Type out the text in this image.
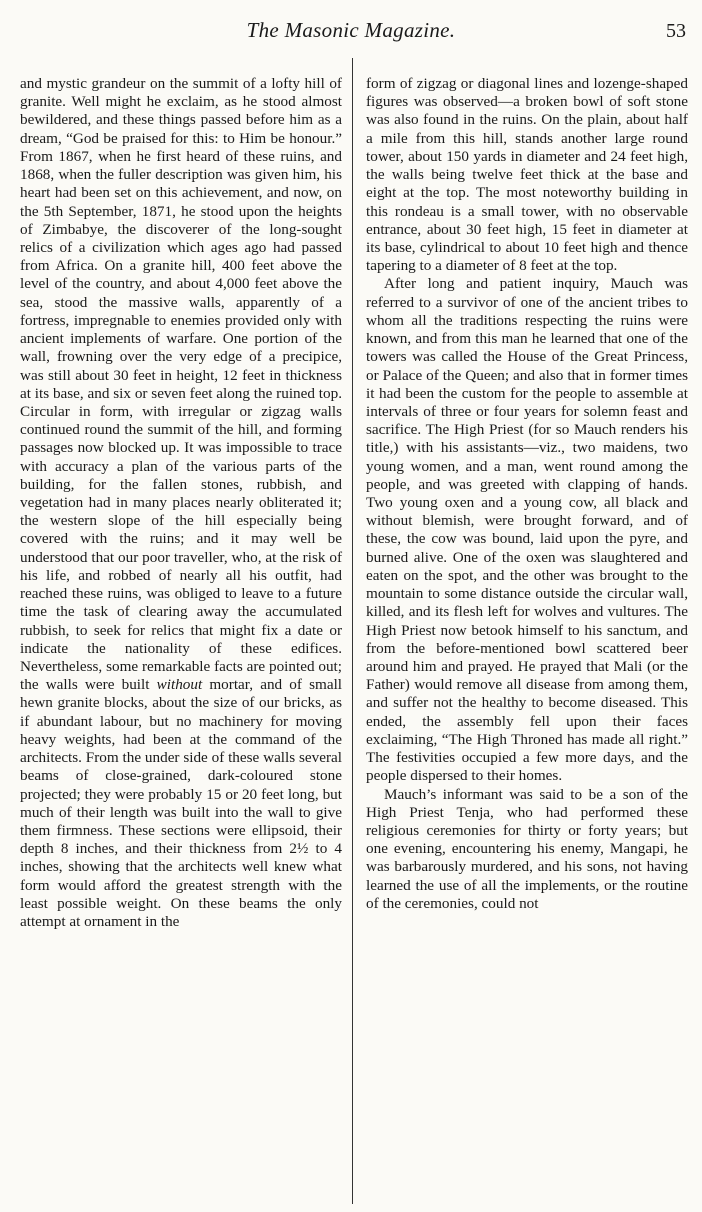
The Masonic Magazine.	53

and mystic grandeur on the summit of a lofty hill of granite. Well might he exclaim, as he stood almost bewildered, and these things passed before him as a dream, “God be praised for this: to Him be honour.” From 1867, when he first heard of these ruins, and 1868, when the fuller description was given him, his heart had been set on this achievement, and now, on the 5th September, 1871, he stood upon the heights of Zimbabye, the discoverer of the long-sought relics of a civilization which ages ago had passed from Africa. On a granite hill, 400 feet above the level of the country, and about 4,000 feet above the sea, stood the massive walls, apparently of a fortress, impregnable to enemies provided only with ancient implements of warfare. One portion of the wall, frowning over the very edge of a precipice, was still about 30 feet in height, 12 feet in thickness at its base, and six or seven feet along the ruined top. Circular in form, with irregular or zigzag walls continued round the summit of the hill, and forming passages now blocked up. It was impossible to trace with accuracy a plan of the various parts of the building, for the fallen stones, rubbish, and vegetation had in many places nearly obliterated it; the western slope of the hill especially being covered with the ruins; and it may well be understood that our poor traveller, who, at the risk of his life, and robbed of nearly all his outfit, had reached these ruins, was obliged to leave to a future time the task of clearing away the accumulated rubbish, to seek for relics that might fix a date or indicate the nationality of these edifices. Nevertheless, some remarkable facts are pointed out; the walls were built without mortar, and of small hewn granite blocks, about the size of our bricks, as if abundant labour, but no machinery for moving heavy weights, had been at the command of the architects. From the under side of these walls several beams of close-grained, dark-coloured stone projected; they were probably 15 or 20 feet long, but much of their length was built into the wall to give them firmness. These sections were ellipsoid, their depth 8 inches, and their thickness from 2½ to 4 inches, showing that the architects well knew what form would afford the greatest strength with the least possible weight. On these beams the only attempt at ornament in the

form of zigzag or diagonal lines and lozenge-shaped figures was observed—a broken bowl of soft stone was also found in the ruins. On the plain, about half a mile from this hill, stands another large round tower, about 150 yards in diameter and 24 feet high, the walls being twelve feet thick at the base and eight at the top. The most noteworthy building in this rondeau is a small tower, with no observable entrance, about 30 feet high, 15 feet in diameter at its base, cylindrical to about 10 feet high and thence tapering to a diameter of 8 feet at the top.

After long and patient inquiry, Mauch was referred to a survivor of one of the ancient tribes to whom all the traditions respecting the ruins were known, and from this man he learned that one of the towers was called the House of the Great Princess, or Palace of the Queen; and also that in former times it had been the custom for the people to assemble at intervals of three or four years for solemn feast and sacrifice. The High Priest (for so Mauch renders his title,) with his assistants—viz., two maidens, two young women, and a man, went round among the people, and was greeted with clapping of hands. Two young oxen and a young cow, all black and without blemish, were brought forward, and of these, the cow was bound, laid upon the pyre, and burned alive. One of the oxen was slaughtered and eaten on the spot, and the other was brought to the mountain to some distance outside the circular wall, killed, and its flesh left for wolves and vultures. The High Priest now betook himself to his sanctum, and from the before-mentioned bowl scattered beer around him and prayed. He prayed that Mali (or the Father) would remove all disease from among them, and suffer not the healthy to become diseased. This ended, the assembly fell upon their faces exclaiming, “The High Throned has made all right.” The festivities occupied a few more days, and the people dispersed to their homes.

Mauch’s informant was said to be a son of the High Priest Tenja, who had performed these religious ceremonies for thirty or forty years; but one evening, encountering his enemy, Mangapi, he was barbarously murdered, and his sons, not having learned the use of all the implements, or the routine of the ceremonies, could not
